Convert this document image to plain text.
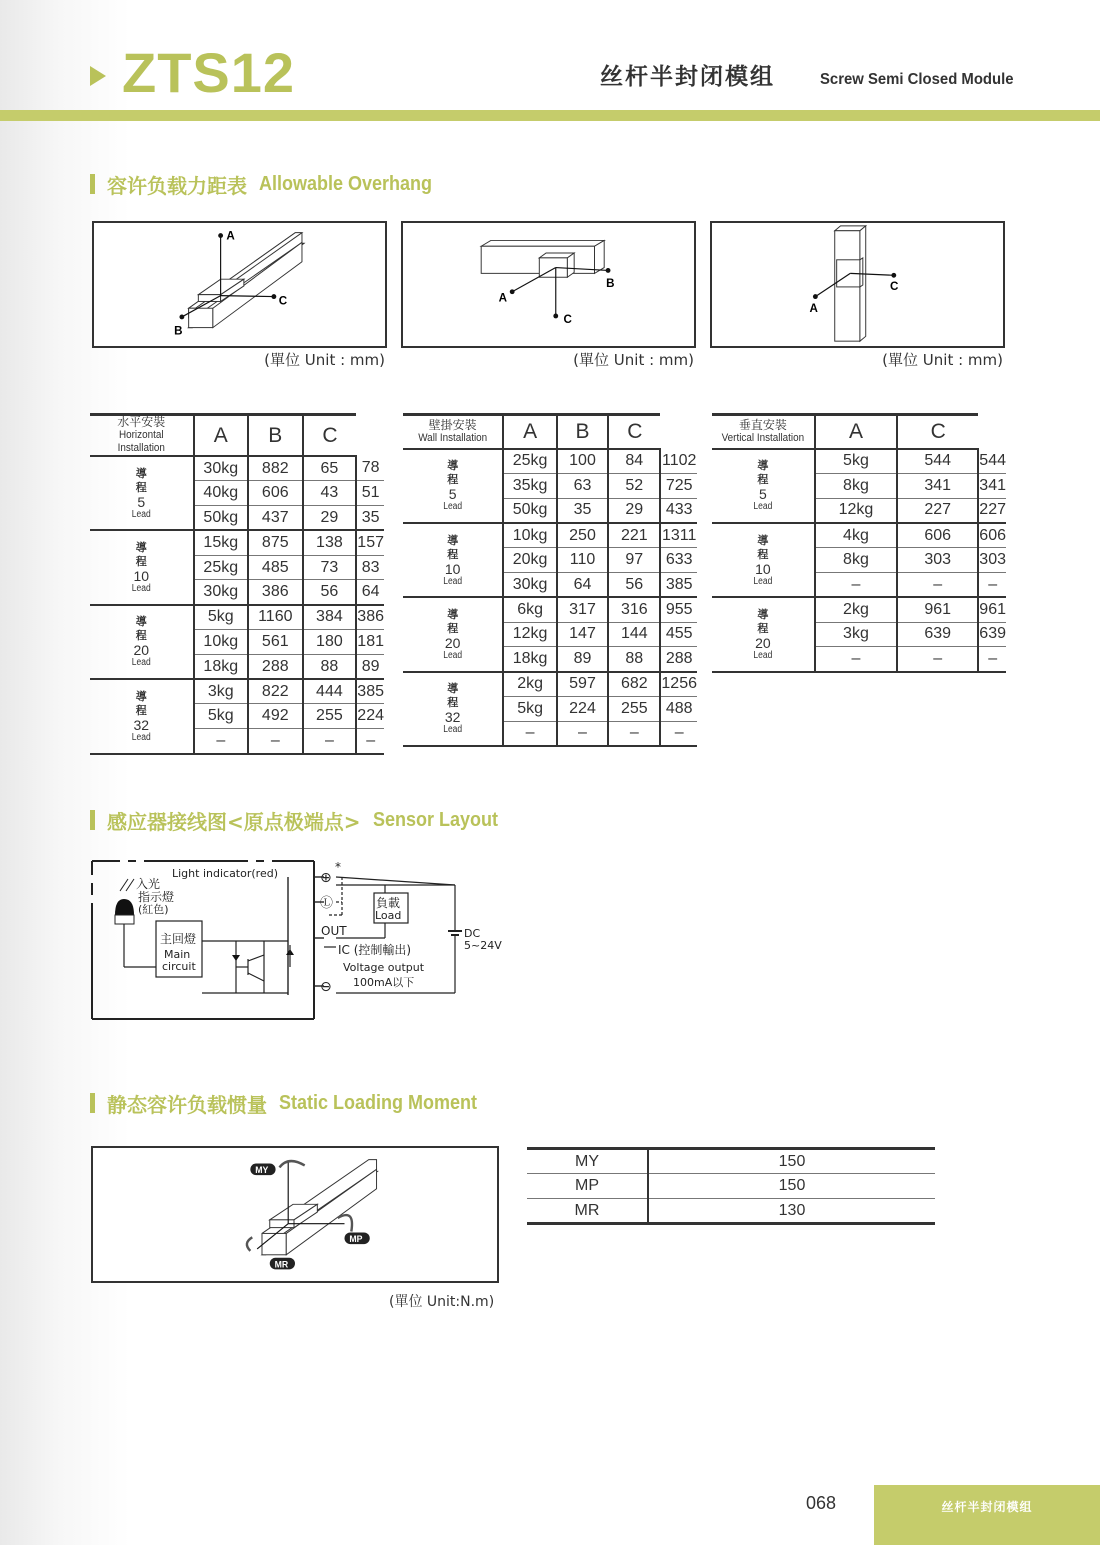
ZTS12	丝杆半封闭模组	Screw Semi Closed Module
容许负载力距表 Allowable Overhang
A
B
C
(單位 Unit : mm)
A
B
C
(單位 Unit : mm)
A
C
(單位 Unit : mm)
水平安裝
Horizontal Installation	A	B	C	

導
程
5
Lead	30kg	882	65	78
	40kg	606	43	51
	50kg	437	29	35

導
程
10
Lead	15kg	875	138	157
	25kg	485	73	83
	30kg	386	56	64

導
程
20
Lead	5kg	1160	384	386
	10kg	561	180	181
	18kg	288	88	89

導
程
32
Lead	3kg	822	444	385
	5kg	492	255	224
	–	–	–	–
壁掛安裝
Wall Installation	A	B	C	

導
程
5
Lead	25kg	100	84	1102
	35kg	63	52	725
	50kg	35	29	433

導
程
10
Lead	10kg	250	221	1311
	20kg	110	97	633
	30kg	64	56	385

導
程
20
Lead	6kg	317	316	955
	12kg	147	144	455
	18kg	89	88	288

導
程
32
Lead	2kg	597	682	1256
	5kg	224	255	488
	–	–	–	–
垂直安裝
Vertical Installation	A	C	

導
程
5
Lead	5kg	544	544
	8kg	341	341
	12kg	227	227

導
程
10
Lead	4kg	606	606
	8kg	303	303
	–	–	–

導
程
20
Lead	2kg	961	961
	3kg	639	639
	–	–	–
感应器接线图<原点极端点> Sensor Layout
⊕
*
Ⓛ
⊖
負載
Load
OUT
IC (控制輸出)
Voltage output
100mA以下
DC
5~24V
Light indicator(red)
入光
指示燈
(紅色)
主回燈
Main
circuit
静态容许负载惯量 Static Loading Moment
MY
MP
MR
(單位 Unit:N.m)
MY	150
MP	150
MR	130
068	丝杆半封闭模组
